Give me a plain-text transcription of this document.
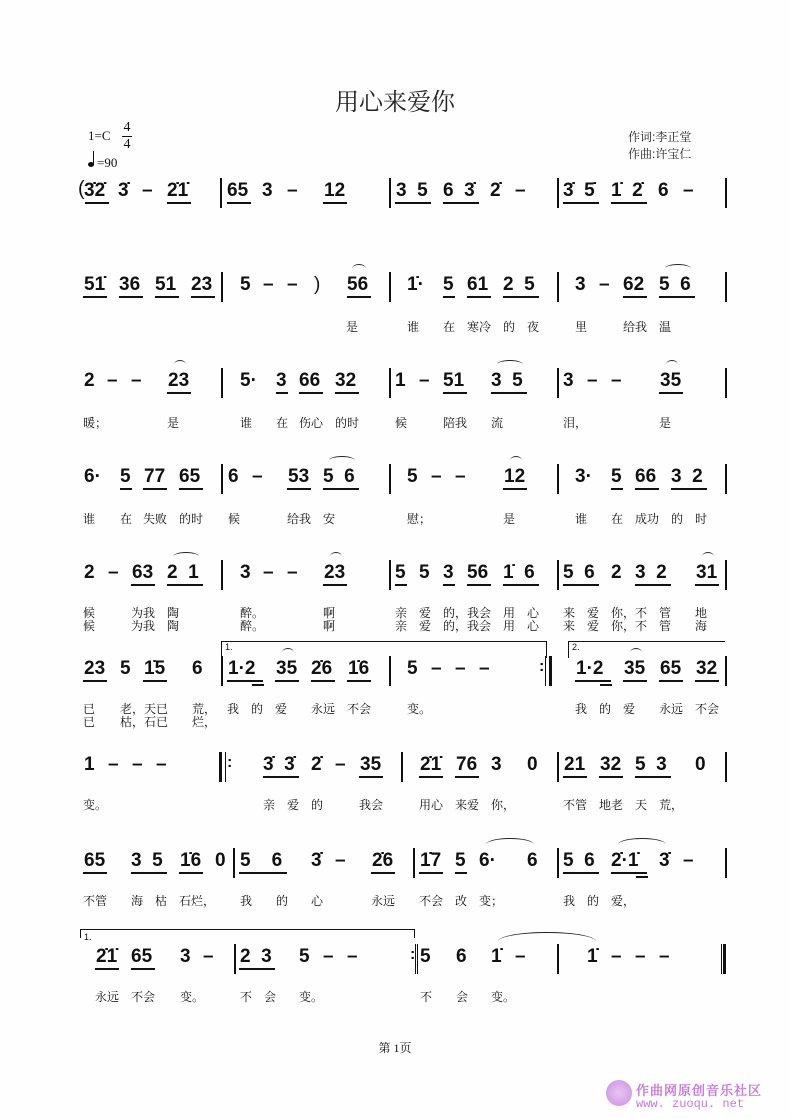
用心来爱你
1=C
4
4
=90
作词:李正堂
作曲:许宝仁
( 3̇2̇ 3̇ – 2̇1̇ 65 3 – 12	3  5 6  3̇ 2̇ – 3̇  5̇ 1̇  2̇ 6 –
51̇ 36 51 23 5 – – ) 56 1̇· 5 61 2  5 3 – 62 5  6
是	谁 在 寒冷 的 夜	里	给我 温
2 – – 23	5· 3 66 32 1 – 51 3  5 3 – – 35
暖；	是	谁 在 伤心 的时	候	陪我 流	泪，	是
6· 5 77 65 6 – 53 5  6	5 – – 12	3· 5 66 3  2
谁 在 失败 的时 候	给我 安	慰；	是	谁 在 成功 的 时
2 – 63 2  1 3 – – 23	5 5 3 56 1̇  6 5  6 2 3  2 31
候	为我 陶	醉。	啊	亲 爱 的，我会 用 心 来 爱 你，不 管 地
候	为我 陶	醉。	啊	亲 爱 的，我会 用 心 来 爱 你，不 管 海
1.	2.
23 5 1̇5 6 1·2 35 2̇6 1̇6 5 – – –	: 1·2 35 65 32
已 老，天已 荒， 我 的 爱 永远 不会	变。	我 的 爱 永远 不会
已 枯，石已 烂，
1 – – –	: 3̇  3̇ 2̇ – 35 2̇1̇ 76 3 0 21 32 5  3 0
变。	亲 爱 的	我会	用心 来爱 你，	不管 地老 天 荒，
65 3  5 1̇6 0 5    6 3̇ – 2̇6 1̇7 5 6· 6 5  6 2̇·1̇ 3̇ –
不管 海 枯 石烂， 我 的 心	永远 不会 改 变；	我 的 爱，
1.
2̇1̇ 65 3 – 2  3 5 – –	: 5 6 1̇ –	1̇ – – –
永远 不会 变。	不 会 变。	不 会 变。
第 1页
作曲网原创音乐社区
www. zuoqu. net
